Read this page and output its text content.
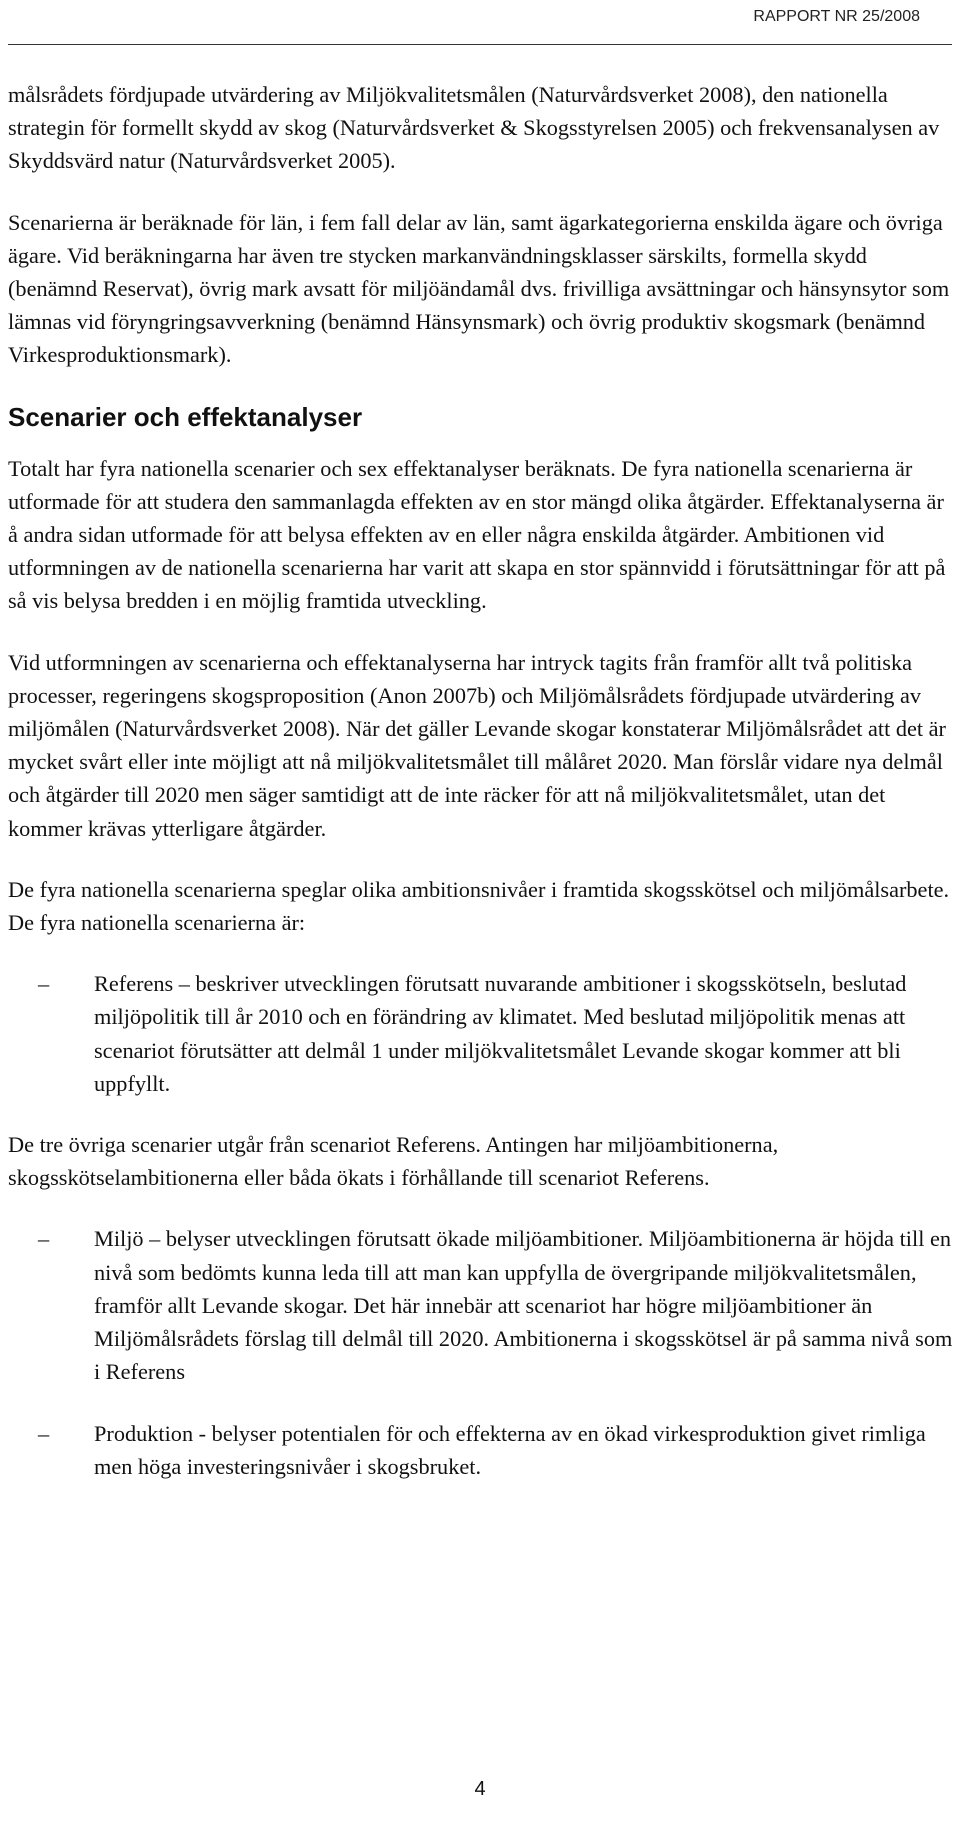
RAPPORT NR 25/2008

målsrådets fördjupade utvärdering av Miljökvalitetsmålen (Naturvårdsverket 2008), den nationella strategin för formellt skydd av skog (Naturvårdsverket & Skogsstyrelsen 2005) och frekvensanalysen av Skyddsvärd natur (Naturvårdsverket 2005).

Scenarierna är beräknade för län, i fem fall delar av län, samt ägarkategorierna enskilda ägare och övriga ägare. Vid beräkningarna har även tre stycken markanvändningsklasser särskilts, formella skydd (benämnd Reservat), övrig mark avsatt för miljöändamål dvs. frivilliga avsättningar och hänsynsytor som lämnas vid föryngringsavverkning (benämnd Hänsynsmark) och övrig produktiv skogsmark (benämnd Virkesproduktionsmark).

Scenarier och effektanalyser

Totalt har fyra nationella scenarier och sex effektanalyser beräknats. De fyra nationella scenarierna är utformade för att studera den sammanlagda effekten av en stor mängd olika åtgärder. Effektanalyserna är å andra sidan utformade för att belysa effekten av en eller några enskilda åtgärder. Ambitionen vid utformningen av de nationella scenarierna har varit att skapa en stor spännvidd i förutsättningar för att på så vis belysa bredden i en möjlig framtida utveckling.

Vid utformningen av scenarierna och effektanalyserna har intryck tagits från framför allt två politiska processer, regeringens skogsproposition (Anon 2007b) och Miljömålsrådets fördjupade utvärdering av miljömålen (Naturvårdsverket 2008). När det gäller Levande skogar konstaterar Miljömålsrådet att det är mycket svårt eller inte möjligt att nå miljökvalitetsmålet till målåret 2020. Man förslår vidare nya delmål och åtgärder till 2020 men säger samtidigt att de inte räcker för att nå miljökvalitetsmålet, utan det kommer krävas ytterligare åtgärder.

De fyra nationella scenarierna speglar olika ambitionsnivåer i framtida skogsskötsel och miljömålsarbete. De fyra nationella scenarierna är:

– Referens – beskriver utvecklingen förutsatt nuvarande ambitioner i skogsskötseln, beslutad miljöpolitik till år 2010 och en förändring av klimatet. Med beslutad miljöpolitik menas att scenariot förutsätter att delmål 1 under miljökvalitetsmålet Levande skogar kommer att bli uppfyllt.

De tre övriga scenarier utgår från scenariot Referens. Antingen har miljöambitionerna, skogsskötselambitionerna eller båda ökats i förhållande till scenariot Referens.

– Miljö – belyser utvecklingen förutsatt ökade miljöambitioner. Miljöambitionerna är höjda till en nivå som bedömts kunna leda till att man kan uppfylla de övergripande miljökvalitetsmålen, framför allt Levande skogar. Det här innebär att scenariot har högre miljöambitioner än Miljömålsrådets förslag till delmål till 2020. Ambitionerna i skogsskötsel är på samma nivå som i Referens
– Produktion - belyser potentialen för och effekterna av en ökad virkesproduktion givet rimliga men höga investeringsnivåer i skogsbruket.
4
